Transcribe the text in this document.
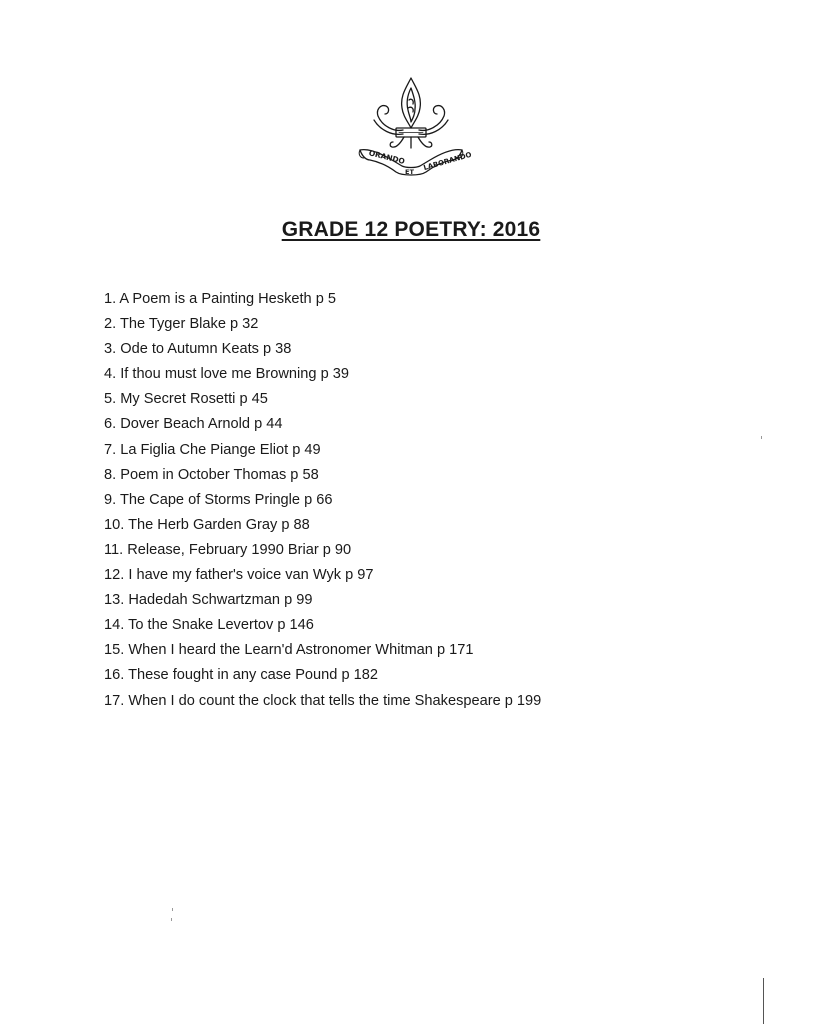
ORANDO
ET LABORANDO
GRADE 12 POETRY: 2016
1. A Poem is a Painting Hesketh p 5
2. The Tyger Blake p 32
3. Ode to Autumn Keats p 38
4. If thou must love me Browning p 39
5. My Secret Rosetti p 45
6. Dover Beach Arnold p 44
7. La Figlia Che Piange Eliot p 49
8. Poem in October Thomas p 58
9. The Cape of Storms Pringle p 66
10. The Herb Garden Gray p 88
11. Release, February 1990 Briar p 90
12. I have my father's voice van Wyk p 97
13. Hadedah Schwartzman p 99
14. To the Snake Levertov p 146
15. When I heard the Learn'd Astronomer Whitman p 171
16. These fought in any case Pound p 182
17. When I do count the clock that tells the time Shakespeare p 199
